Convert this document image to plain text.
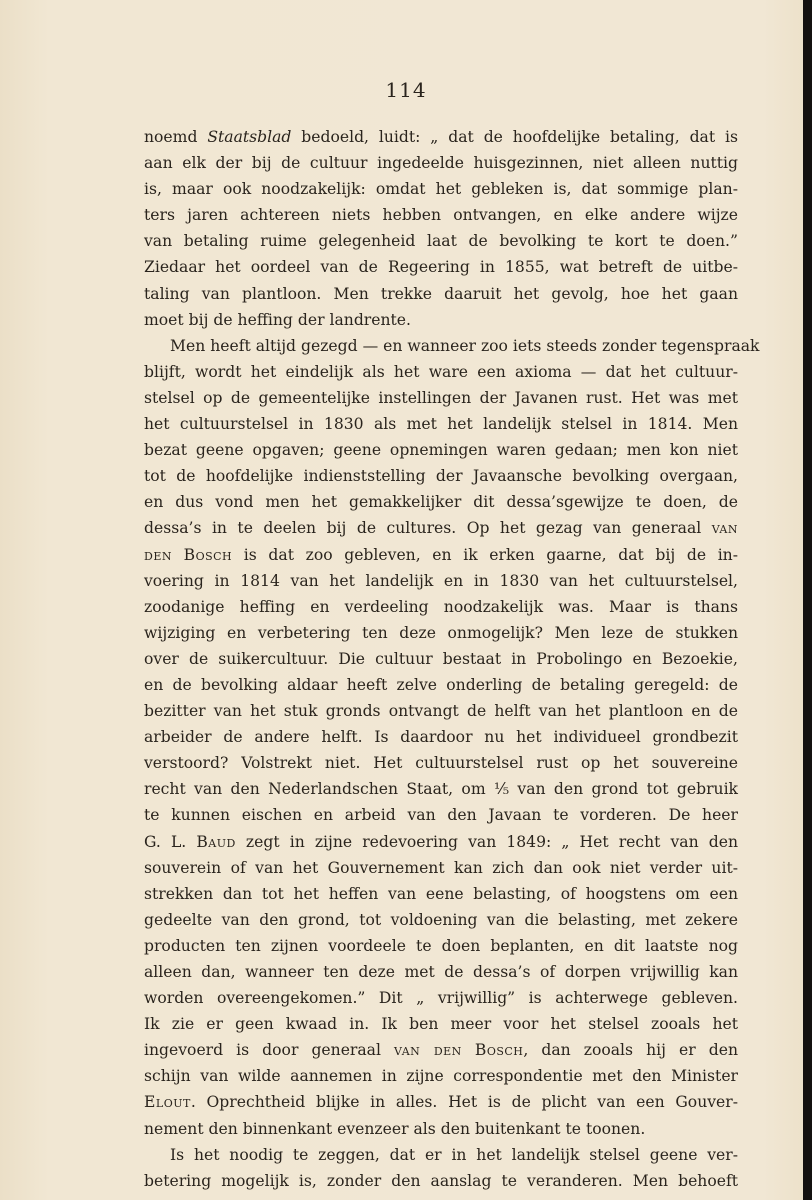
114
noemd Staatsblad bedoeld, luidt: „ dat de hoofdelijke betaling, dat is
aan elk der bij de cultuur ingedeelde huisgezinnen, niet alleen nuttig
is, maar ook noodzakelijk: omdat het gebleken is, dat sommige plan-
ters jaren achtereen niets hebben ontvangen, en elke andere wijze
van betaling ruime gelegenheid laat de bevolking te kort te doen.”
Ziedaar het oordeel van de Regeering in 1855, wat betreft de uitbe-
taling van plantloon. Men trekke daaruit het gevolg, hoe het gaan
moet bij de heffing der landrente.
Men heeft altijd gezegd — en wanneer zoo iets steeds zonder tegenspraak
blijft, wordt het eindelijk als het ware een axioma — dat het cultuur-
stelsel op de gemeentelijke instellingen der Javanen rust. Het was met
het cultuurstelsel in 1830 als met het landelijk stelsel in 1814. Men
bezat geene opgaven; geene opnemingen waren gedaan; men kon niet
tot de hoofdelijke indienststelling der Javaansche bevolking overgaan,
en dus vond men het gemakkelijker dit dessa’sgewijze te doen, de
dessa’s in te deelen bij de cultures. Op het gezag van generaal van
den Bosch is dat zoo gebleven, en ik erken gaarne, dat bij de in-
voering in 1814 van het landelijk en in 1830 van het cultuurstelsel,
zoodanige heffing en verdeeling noodzakelijk was. Maar is thans
wijziging en verbetering ten deze onmogelijk? Men leze de stukken
over de suikercultuur. Die cultuur bestaat in Probolingo en Bezoekie,
en de bevolking aldaar heeft zelve onderling de betaling geregeld: de
bezitter van het stuk gronds ontvangt de helft van het plantloon en de
arbeider de andere helft. Is daardoor nu het individueel grondbezit
verstoord? Volstrekt niet. Het cultuurstelsel rust op het souvereine
recht van den Nederlandschen Staat, om ⅕ van den grond tot gebruik
te kunnen eischen en arbeid van den Javaan te vorderen. De heer
G. L. Baud zegt in zijne redevoering van 1849: „ Het recht van den
souverein of van het Gouvernement kan zich dan ook niet verder uit-
strekken dan tot het heffen van eene belasting, of hoogstens om een
gedeelte van den grond, tot voldoening van die belasting, met zekere
producten ten zijnen voordeele te doen beplanten, en dit laatste nog
alleen dan, wanneer ten deze met de dessa’s of dorpen vrijwillig kan
worden overeengekomen.” Dit „ vrijwillig” is achterwege gebleven.
Ik zie er geen kwaad in. Ik ben meer voor het stelsel zooals het
ingevoerd is door generaal van den Bosch, dan zooals hij er den
schijn van wilde aannemen in zijne correspondentie met den Minister
Elout. Oprechtheid blijke in alles. Het is de plicht van een Gouver-
nement den binnenkant evenzeer als den buitenkant te toonen.
Is het noodig te zeggen, dat er in het landelijk stelsel geene ver-
betering mogelijk is, zonder den aanslag te veranderen. Men behoeft
